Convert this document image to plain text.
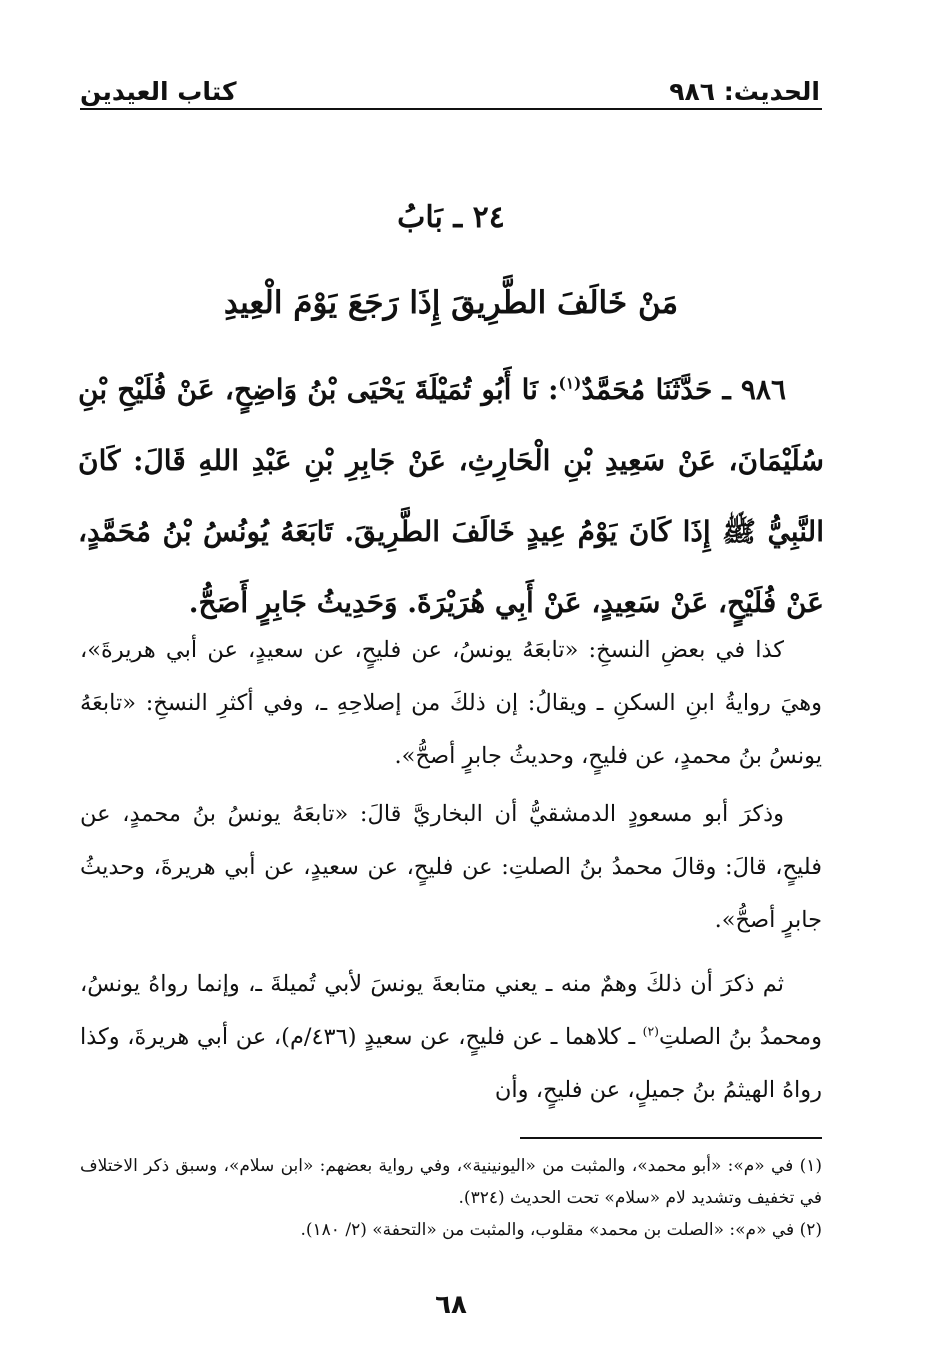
الحديث: ٩٨٦
كتاب العيدين
٢٤ ـ بَابُ
مَنْ خَالَفَ الطَّرِيقَ إِذَا رَجَعَ يَوْمَ الْعِيدِ
٩٨٦ ـ حَدَّثَنَا مُحَمَّدٌ$^{(١)}$: نَا أَبُو تُمَيْلَةَ يَحْيَى بْنُ وَاضِحٍ، عَنْ فُلَيْحِ بْنِ سُلَيْمَانَ، عَنْ سَعِيدِ بْنِ الْحَارِثِ، عَنْ جَابِرِ بْنِ عَبْدِ اللهِ قَالَ: كَانَ النَّبِيُّ ﷺ إِذَا كَانَ يَوْمُ عِيدٍ خَالَفَ الطَّرِيقَ. تَابَعَهُ يُونُسُ بْنُ مُحَمَّدٍ، عَنْ فُلَيْحٍ، عَنْ سَعِيدٍ، عَنْ أَبِي هُرَيْرَةَ. وَحَدِيثُ جَابِرٍ أَصَحُّ.
كذا في بعضِ النسخِ: «تابعَهُ يونسُ، عن فليحٍ، عن سعيدٍ، عن أبي هريرةَ»، وهيَ روايةُ ابنِ السكنِ ـ ويقالُ: إن ذلكَ من إصلاحِهِ ـ، وفي أكثرِ النسخِ: «تابعَهُ يونسُ بنُ محمدٍ، عن فليحٍ، وحديثُ جابرٍ أصحُّ».
وذكرَ أبو مسعودٍ الدمشقيُّ أن البخاريَّ قالَ: «تابعَهُ يونسُ بنُ محمدٍ، عن فليحٍ، قالَ: وقالَ محمدُ بنُ الصلتِ: عن فليحٍ، عن سعيدٍ، عن أبي هريرةَ، وحديثُ جابرٍ أصحُّ».
ثم ذكرَ أن ذلكَ وهمٌ منه ـ يعني متابعةَ يونسَ لأبي تُميلةَ ـ، وإنما رواهُ يونسُ، ومحمدُ بنُ الصلتِ$^{(٢)}$ ـ كلاهما ـ عن فليحٍ، عن سعيدٍ (٤٣٦/م)، عن أبي هريرةَ، وكذا رواهُ الهيثمُ بنُ جميلٍ، عن فليحٍ، وأن

(١) في «م»: «أبو محمد»، والمثبت من «اليونينية»، وفي رواية بعضهم: «ابن سلام»، وسبق ذكر الاختلاف في تخفيف وتشديد لام «سلام» تحت الحديث (٣٢٤).

(٢) في «م»: «الصلت بن محمد» مقلوب، والمثبت من «التحفة» (٢/ ١٨٠).

٦٨
